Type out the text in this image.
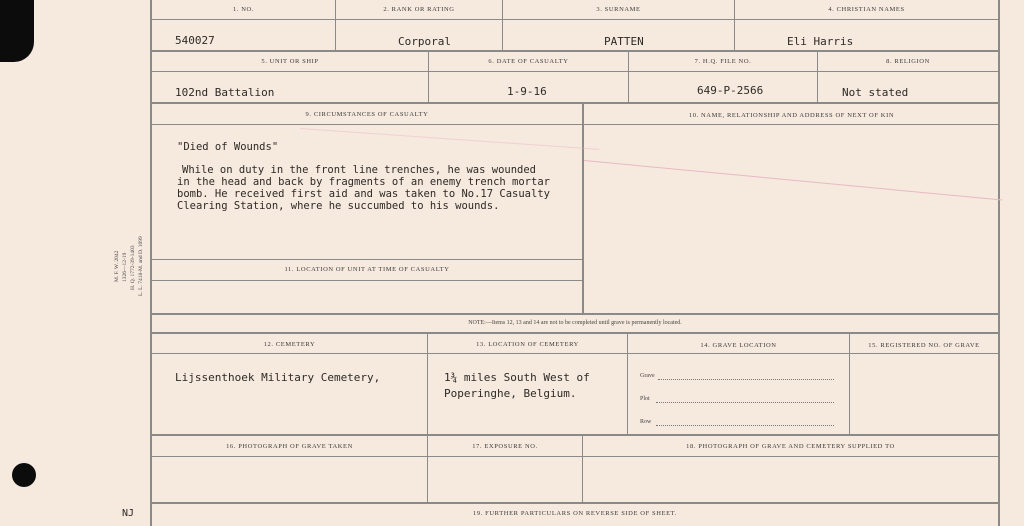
M. F. W. 2042 1326—12-19 H. Q. 1772-39-1403 L. L. 7418-M. and D. 1099
NJ
1. NO.	2. RANK OR RATING	3. SURNAME	4. CHRISTIAN NAMES
540027	Corporal	PATTEN	Eli Harris
5. UNIT OR SHIP	6. DATE OF CASUALTY	7. H.Q. FILE NO.	8. RELIGION
102nd Battalion	1-9-16	649-P-2566	Not stated
9. CIRCUMSTANCES OF CASUALTY	10. NAME, RELATIONSHIP AND ADDRESS OF NEXT OF KIN
"Died of Wounds"
While on duty in the front line trenches, he was wounded
in the head and back by fragments of an enemy trench mortar
bomb. He received first aid and was taken to No.17 Casualty
Clearing Station, where he succumbed to his wounds.
11. LOCATION OF UNIT AT TIME OF CASUALTY
NOTE:—Items 12, 13 and 14 are not to be completed until grave is permanently located.
12. CEMETERY	13. LOCATION OF CEMETERY	14. GRAVE LOCATION	15. REGISTERED NO. OF GRAVE
Lijssenthoek Military Cemetery,	1¾ miles South West of
Poperinghe, Belgium.
Grave
Plot
Row
16. PHOTOGRAPH OF GRAVE TAKEN	17. EXPOSURE NO.	18. PHOTOGRAPH OF GRAVE AND CEMETERY SUPPLIED TO
19. FURTHER PARTICULARS ON REVERSE SIDE OF SHEET.
